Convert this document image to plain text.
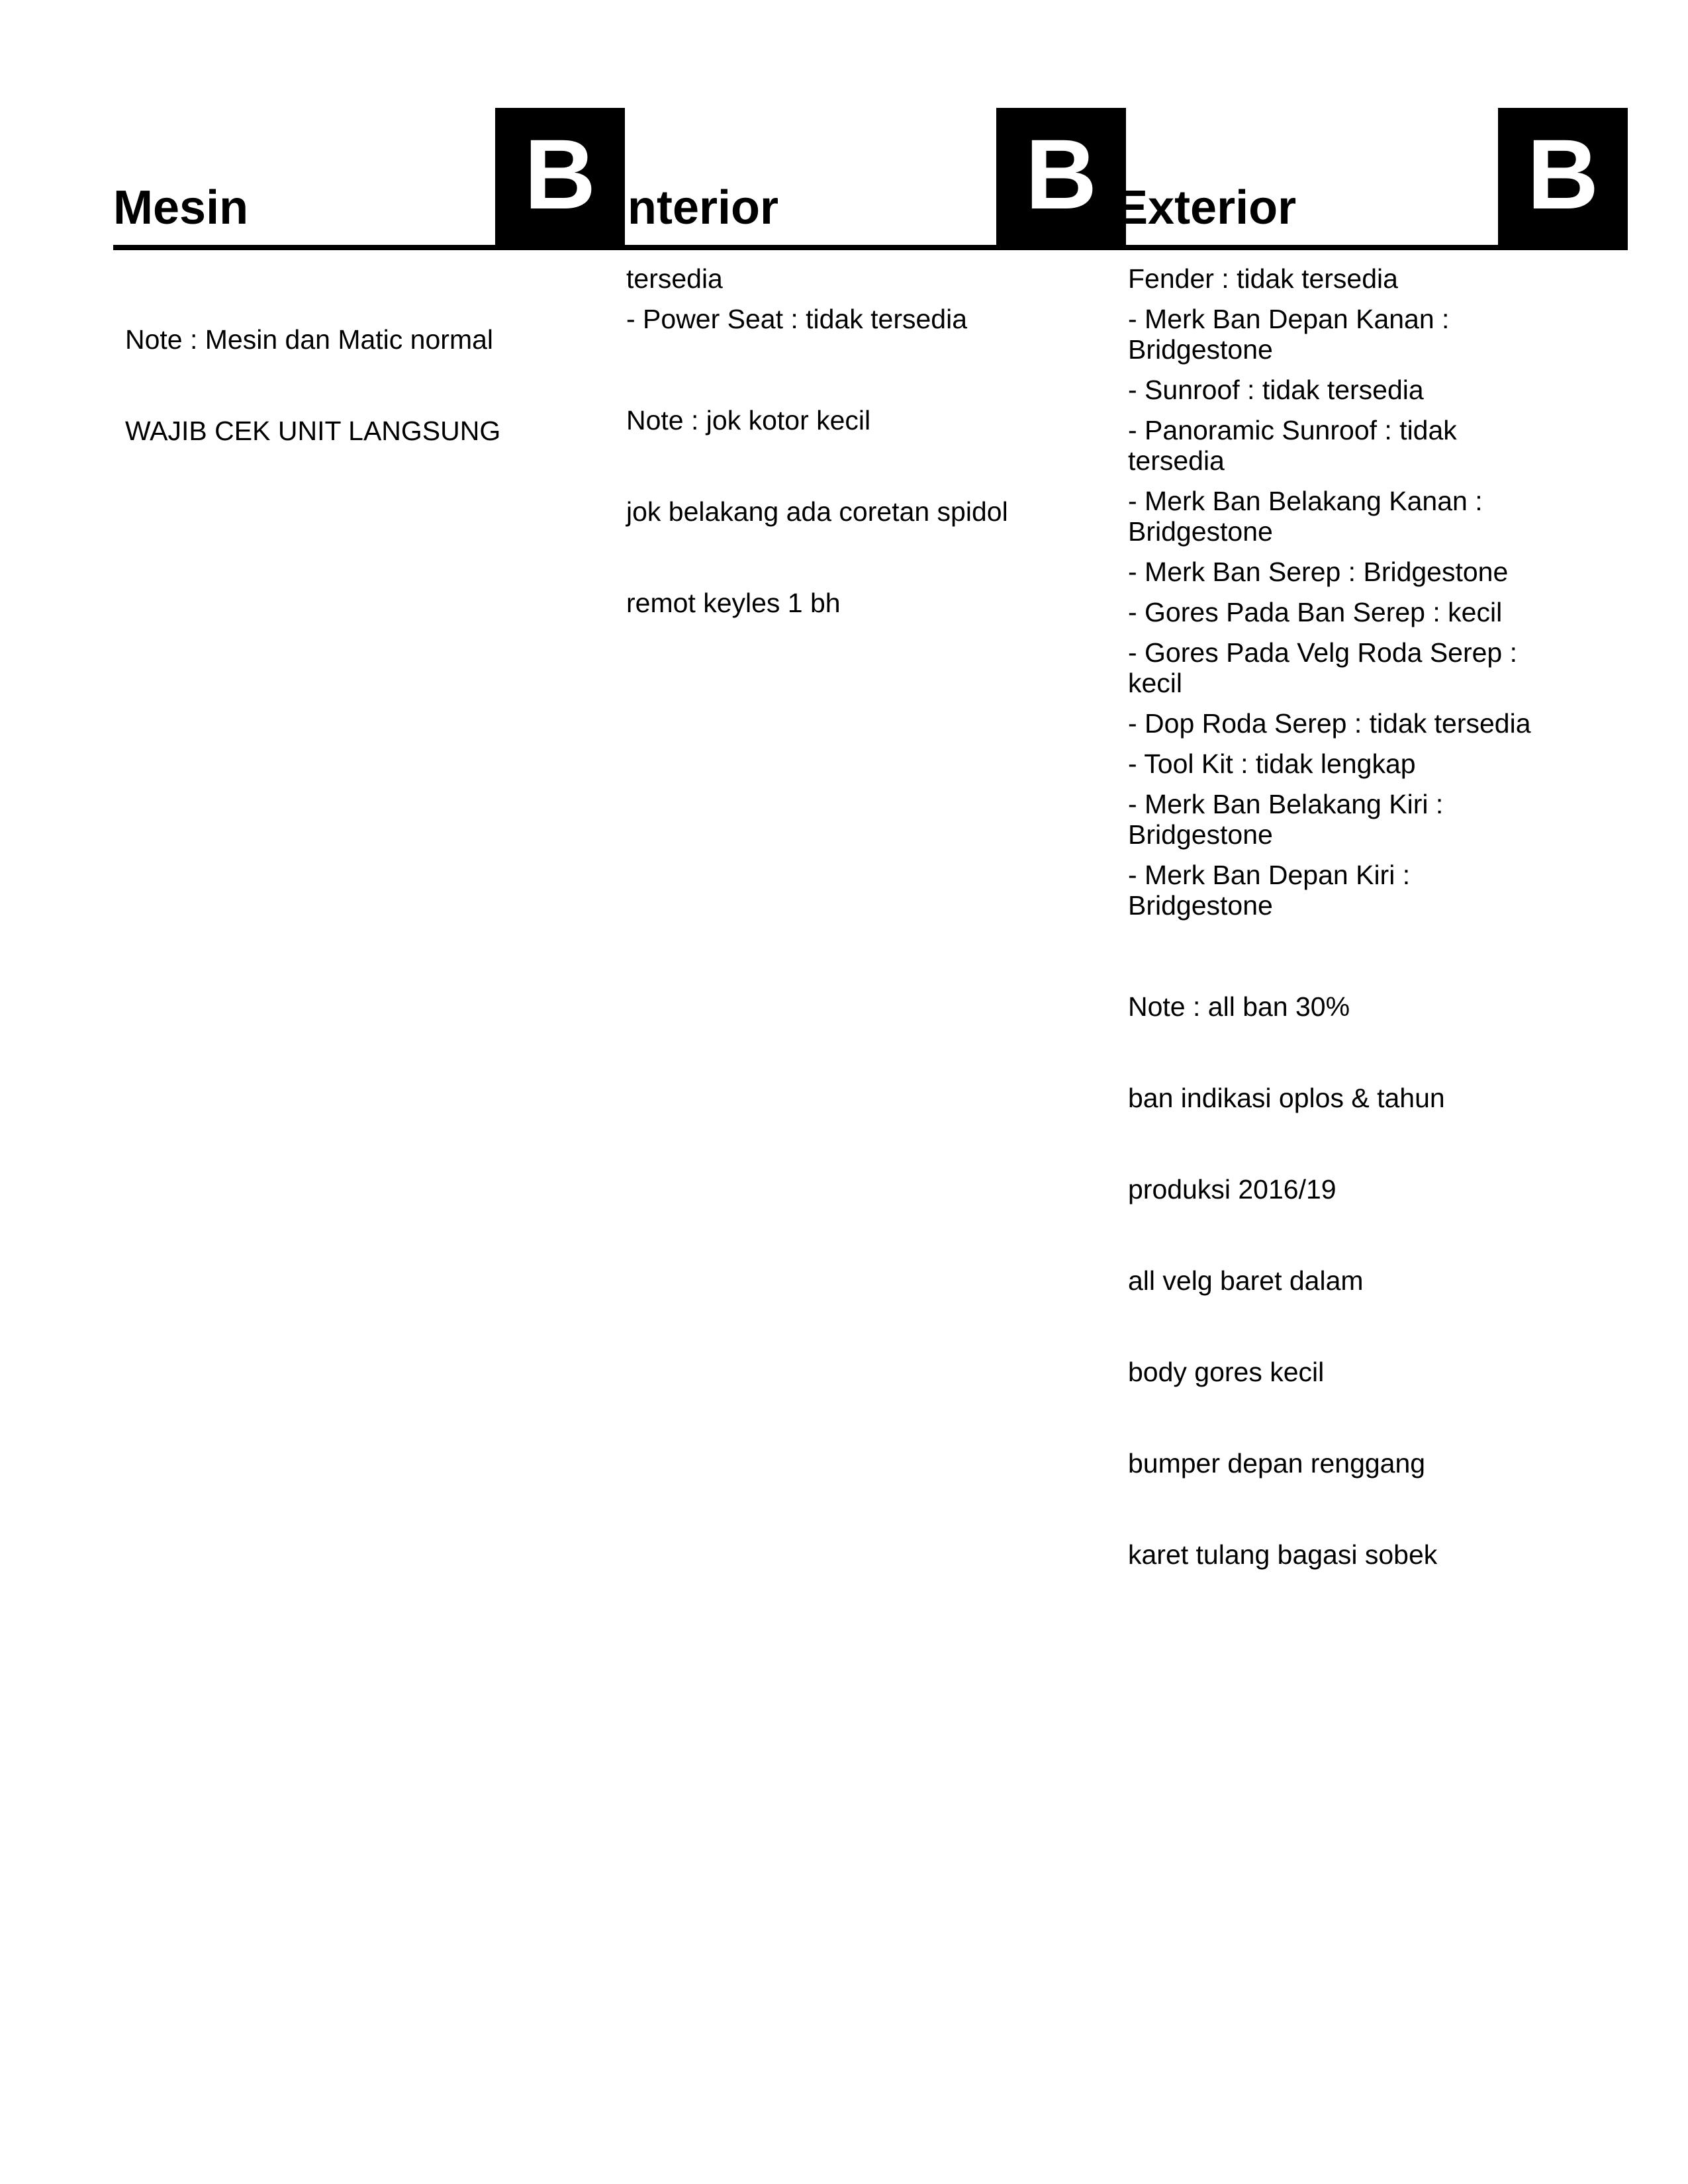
Mesin	B

Note : Mesin dan Matic normal

WAJIB CEK UNIT LANGSUNG

Interior B
tersedia
- Power Seat : tidak tersedia

Note : jok kotor kecil

jok belakang ada coretan spidol

remot keyles 1 bh

Exterior B
Fender : tidak tersedia
- Merk Ban Depan Kanan :
Bridgestone
- Sunroof : tidak tersedia
- Panoramic Sunroof : tidak
tersedia
- Merk Ban Belakang Kanan :
Bridgestone
- Merk Ban Serep : Bridgestone
- Gores Pada Ban Serep : kecil
- Gores Pada Velg Roda Serep :
kecil
- Dop Roda Serep : tidak tersedia
- Tool Kit : tidak lengkap
- Merk Ban Belakang Kiri :
Bridgestone
- Merk Ban Depan Kiri :
Bridgestone

Note : all ban 30%

ban indikasi oplos & tahun

produksi 2016/19

all velg baret dalam

body gores kecil

bumper depan renggang

karet tulang bagasi sobek
